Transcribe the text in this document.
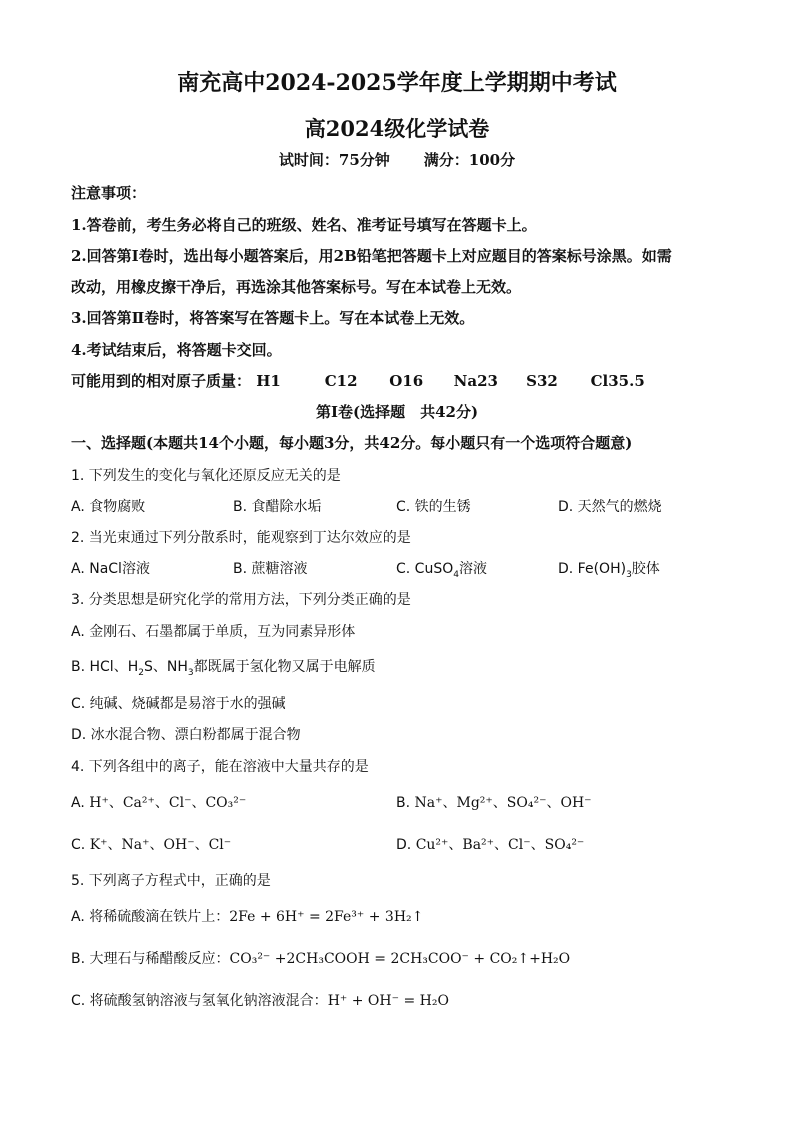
南充高中2024-2025学年度上学期期中考试
高2024级化学试卷
试时间：75分钟 满分：100分
注意事项：
1.答卷前，考生务必将自己的班级、姓名、准考证号填写在答题卡上。
2.回答第Ⅰ卷时，选出每小题答案后，用2B铅笔把答题卡上对应题目的答案标号涂黑。如需
改动，用橡皮擦干净后，再选涂其他答案标号。写在本试卷上无效。
3.回答第Ⅱ卷时，将答案写在答题卡上。写在本试卷上无效。
4.考试结束后，将答题卡交回。
可能用到的相对原子质量： H1	C12 O16 Na23 S32 Cl35.5
第Ⅰ卷(选择题　共42分)
一、选择题(本题共14个小题，每小题3分，共42分。每小题只有一个选项符合题意)
1. 下列发生的变化与氧化还原反应无关的是
A. 食物腐败	B. 食醋除水垢	C. 铁的生锈	D. 天然气的燃烧
2. 当光束通过下列分散系时，能观察到丁达尔效应的是
A. NaCl溶液	B. 蔗糖溶液	C. CuSO$_4$溶液	D. $Fe(OH)_3$胶体
3. 分类思想是研究化学的常用方法，下列分类正确的是
A. 金刚石、石墨都属于单质，互为同素异形体
B. HCl、$H_2S$、$NH_3$都既属于氢化物又属于电解质
C. 纯碱、烧碱都是易溶于水的强碱
D. 冰水混合物、漂白粉都属于混合物
4. 下列各组中的离子，能在溶液中大量共存的是
A. H⁺、Ca²⁺、Cl⁻、CO₃²⁻	B. Na⁺、Mg²⁺、SO₄²⁻、OH⁻
C. K⁺、Na⁺、OH⁻、Cl⁻	D. Cu²⁺、Ba²⁺、Cl⁻、SO₄²⁻
5. 下列离子方程式中，正确的是
A. 将稀硫酸滴在铁片上：2Fe + 6H⁺ = 2Fe³⁺ + 3H₂↑
B. 大理石与稀醋酸反应：CO₃²⁻ +2CH₃COOH = 2CH₃COO⁻ + CO₂↑+H₂O
C. 将硫酸氢钠溶液与氢氧化钠溶液混合：H⁺ + OH⁻ = H₂O
